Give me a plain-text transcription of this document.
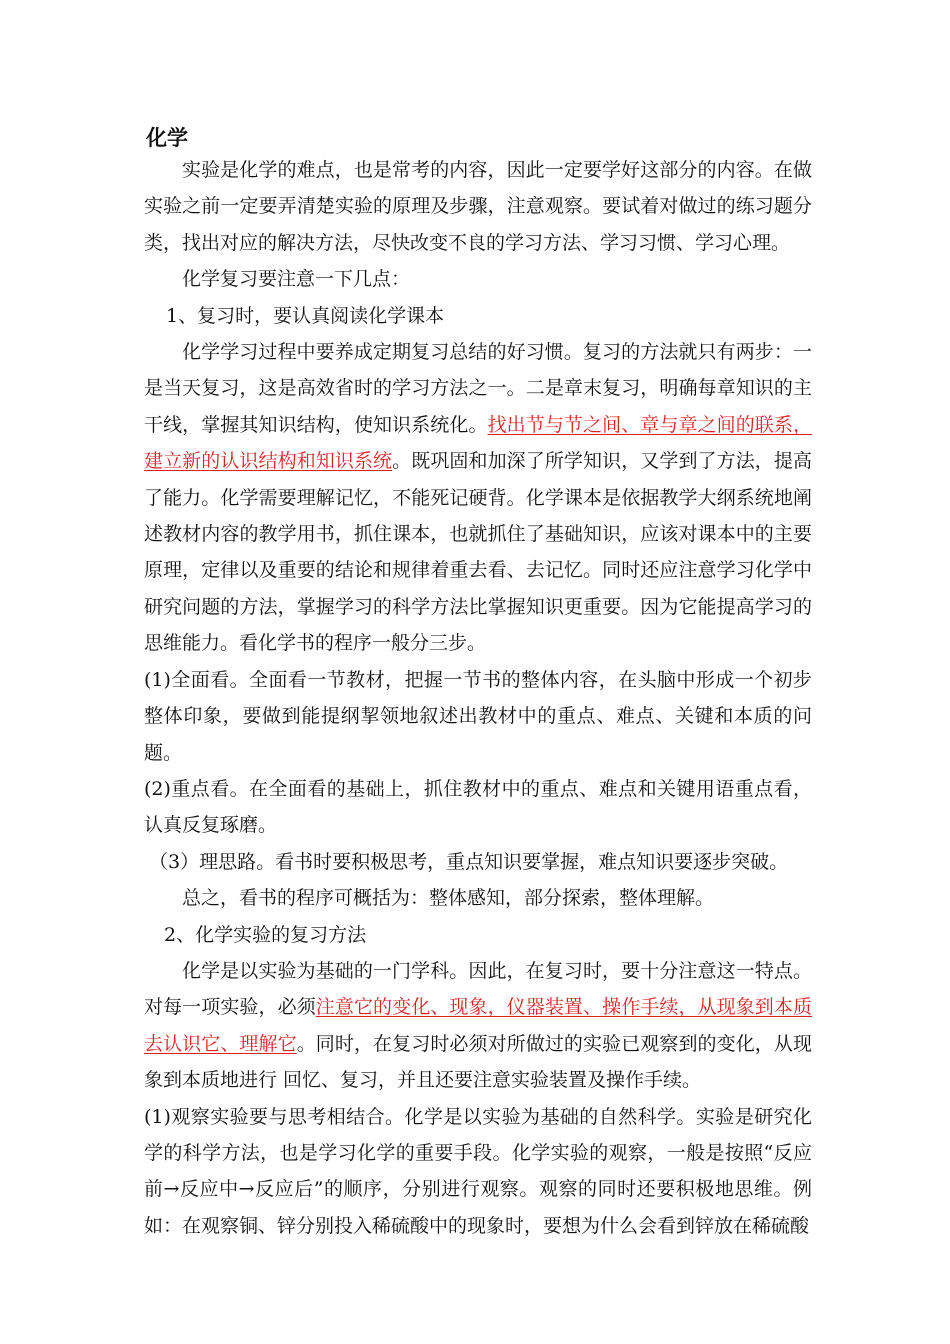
化学

实验是化学的难点，也是常考的内容，因此一定要学好这部分的内容。在做实验之前一定要弄清楚实验的原理及步骤，注意观察。要试着对做过的练习题分类，找出对应的解决方法，尽快改变不良的学习方法、学习习惯、学习心理。

化学复习要注意一下几点：

1、复习时，要认真阅读化学课本

化学学习过程中要养成定期复习总结的好习惯。复习的方法就只有两步：一是当天复习，这是高效省时的学习方法之一。二是章末复习，明确每章知识的主干线，掌握其知识结构，使知识系统化。找出节与节之间、章与章之间的联系，建立新的认识结构和知识系统。既巩固和加深了所学知识，又学到了方法，提高了能力。化学需要理解记忆，不能死记硬背。化学课本是依据教学大纲系统地阐述教材内容的教学用书，抓住课本，也就抓住了基础知识，应该对课本中的主要原理，定律以及重要的结论和规律着重去看、去记忆。同时还应注意学习化学中研究问题的方法，掌握学习的科学方法比掌握知识更重要。因为它能提高学习的思维能力。看化学书的程序一般分三步。

(1)全面看。全面看一节教材，把握一节书的整体内容，在头脑中形成一个初步整体印象，要做到能提纲挈领地叙述出教材中的重点、难点、关键和本质的问题。

(2)重点看。在全面看的基础上，抓住教材中的重点、难点和关键用语重点看，认真反复琢磨。

（3）理思路。看书时要积极思考，重点知识要掌握，难点知识要逐步突破。

总之，看书的程序可概括为：整体感知，部分探索，整体理解。

2、化学实验的复习方法

化学是以实验为基础的一门学科。因此，在复习时，要十分注意这一特点。对每一项实验，必须注意它的变化、现象，仪器装置、操作手续，从现象到本质去认识它、理解它。同时，在复习时必须对所做过的实验已观察到的变化，从现象到本质地进行 回忆、复习，并且还要注意实验装置及操作手续。

(1)观察实验要与思考相结合。化学是以实验为基础的自然科学。实验是研究化学的科学方法，也是学习化学的重要手段。化学实验的观察，一般是按照“反应前→反应中→反应后”的顺序，分别进行观察。观察的同时还要积极地思维。例如：在观察铜、锌分别投入稀硫酸中的现象时，要想为什么会看到锌放在稀硫酸
